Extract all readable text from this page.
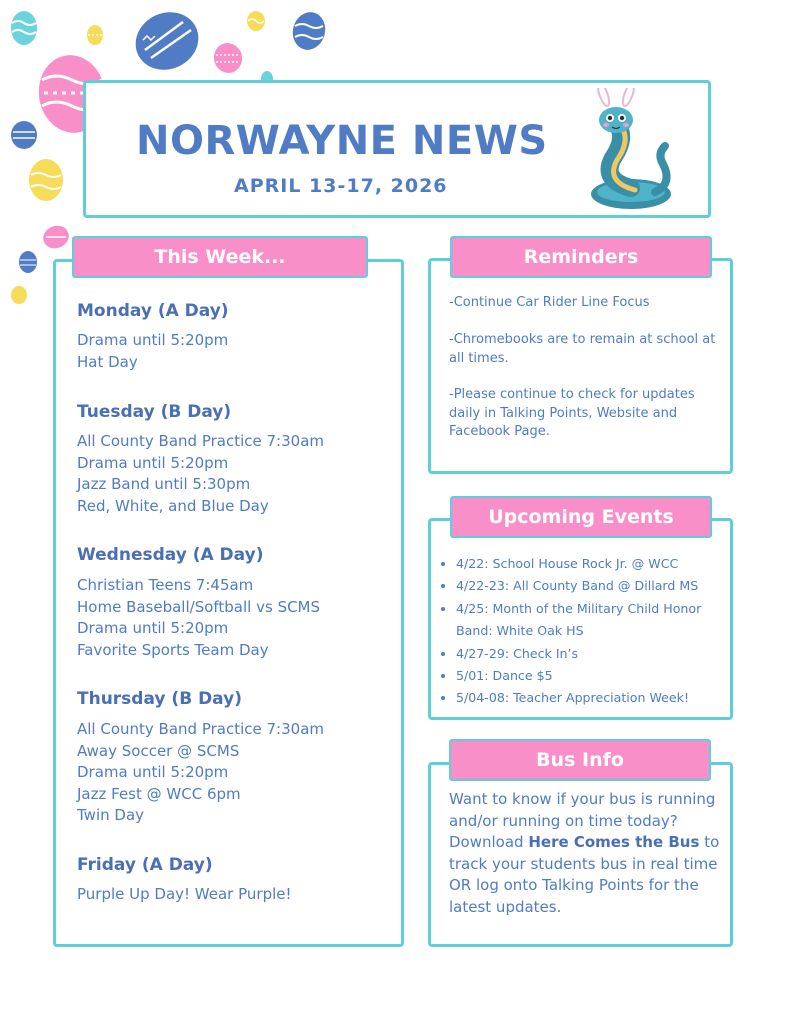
NORWAYNE NEWS
APRIL 13-17, 2026
This Week...
Monday (A Day)
Drama until 5:20pm
Hat Day
Tuesday (B Day)
All County Band Practice 7:30am
Drama until 5:20pm
Jazz Band until 5:30pm
Red, White, and Blue Day
Wednesday (A Day)
Christian Teens 7:45am
Home Baseball/Softball vs SCMS
Drama until 5:20pm
Favorite Sports Team Day
Thursday (B Day)
All County Band Practice 7:30am
Away Soccer @ SCMS
Drama until 5:20pm
Jazz Fest @ WCC 6pm
Twin Day
Friday (A Day)
Purple Up Day! Wear Purple!
Reminders
-Continue Car Rider Line Focus
-Chromebooks are to remain at school at all times.
-Please continue to check for updates daily in Talking Points, Website and Facebook Page.
Upcoming Events
• 4/22: School House Rock Jr. @ WCC
• 4/22-23: All County Band @ Dillard MS
• 4/25: Month of the Military Child Honor Band: White Oak HS
• 4/27-29: Check In’s
• 5/01: Dance $5
• 5/04-08: Teacher Appreciation Week!
Bus Info
Want to know if your bus is running and/or running on time today?
Download Here Comes the Bus to track your students bus in real time OR log onto Talking Points for the latest updates.
